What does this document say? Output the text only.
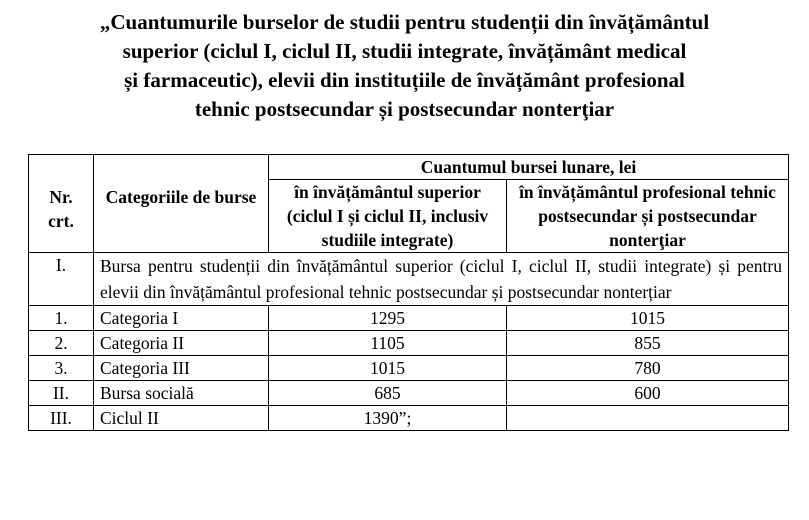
„Cuantumurile burselor de studii pentru studenții din învățământul
superior (ciclul I, ciclul II, studii integrate, învățământ medical
și farmaceutic), elevii din instituțiile de învățământ profesional
tehnic postsecundar și postsecundar nonterţiar
Nr. crt.	Categoriile de burse	Cuantumul bursei lunare, lei	
		în învățământul superior (ciclul I și ciclul II, inclusiv studiile integrate)	în învățământul profesional tehnic postsecundar și postsecundar nonterţiar
I.	Bursa pentru studenții din învățământul superior (ciclul I, ciclul II, studii integrate) și pentru elevii din învățământul profesional tehnic postsecundar și postsecundar nonterțiar		
1.	Categoria I	1295	1015
2.	Categoria II	1105	855
3.	Categoria III	1015	780
II.	Bursa socială	685	600
III.	Ciclul II	1390”;	
